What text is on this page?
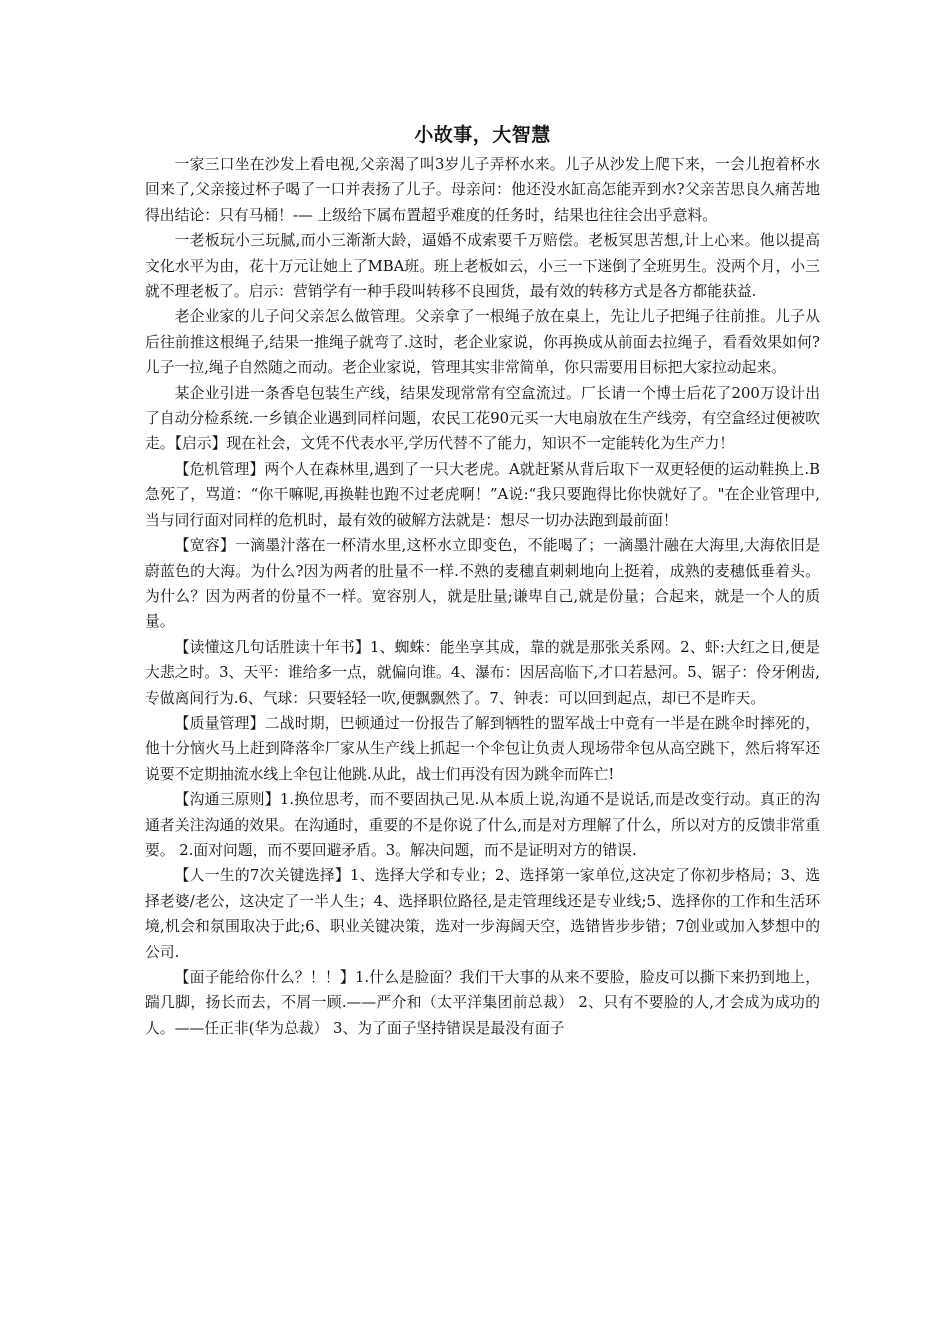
小故事，大智慧

一家三口坐在沙发上看电视,父亲渴了叫3岁儿子弄杯水来。儿子从沙发上爬下来，一会儿抱着杯水回来了,父亲接过杯子喝了一口并表扬了儿子。母亲问：他还没水缸高怎能弄到水?父亲苦思良久痛苦地得出结论：只有马桶！-— 上级给下属布置超乎难度的任务时，结果也往往会出乎意料。

一老板玩小三玩腻,而小三渐渐大龄，逼婚不成索要千万赔偿。老板冥思苦想,计上心来。他以提高文化水平为由，花十万元让她上了MBA班。班上老板如云，小三一下迷倒了全班男生。没两个月，小三就不理老板了。启示：营销学有一种手段叫转移不良囤货，最有效的转移方式是各方都能获益.

老企业家的儿子问父亲怎么做管理。父亲拿了一根绳子放在桌上，先让儿子把绳子往前推。儿子从后往前推这根绳子,结果一推绳子就弯了.这时，老企业家说，你再换成从前面去拉绳子，看看效果如何?儿子一拉,绳子自然随之而动。老企业家说，管理其实非常简单，你只需要用目标把大家拉动起来。

某企业引进一条香皂包装生产线，结果发现常常有空盒流过。厂长请一个博士后花了200万设计出了自动分检系统.一乡镇企业遇到同样问题，农民工花90元买一大电扇放在生产线旁，有空盒经过便被吹走。【启示】现在社会，文凭不代表水平,学历代替不了能力，知识不一定能转化为生产力！

【危机管理】两个人在森林里,遇到了一只大老虎。A就赶紧从背后取下一双更轻便的运动鞋换上.B急死了，骂道：“你干嘛呢,再换鞋也跑不过老虎啊！”A说:“我只要跑得比你快就好了。"在企业管理中,当与同行面对同样的危机时，最有效的破解方法就是：想尽一切办法跑到最前面！

【宽容】一滴墨汁落在一杯清水里,这杯水立即变色，不能喝了；一滴墨汁融在大海里,大海依旧是蔚蓝色的大海。为什么?因为两者的肚量不一样.不熟的麦穗直刺刺地向上挺着，成熟的麦穗低垂着头。为什么？因为两者的份量不一样。宽容别人，就是肚量;谦卑自己,就是份量；合起来，就是一个人的质量。

【读懂这几句话胜读十年书】1、蜘蛛：能坐享其成，靠的就是那张关系网。2、虾:大红之日,便是大悲之时。3、天平：谁给多一点，就偏向谁。4、瀑布：因居高临下,才口若悬河。5、锯子：伶牙俐齿,专做离间行为.6、气球：只要轻轻一吹,便飘飘然了。7、钟表：可以回到起点，却已不是昨天。

【质量管理】二战时期，巴顿通过一份报告了解到牺牲的盟军战士中竟有一半是在跳伞时摔死的，他十分恼火马上赶到降落伞厂家从生产线上抓起一个伞包让负责人现场带伞包从高空跳下，然后将军还说要不定期抽流水线上伞包让他跳.从此，战士们再没有因为跳伞而阵亡!

【沟通三原则】1.换位思考，而不要固执己见.从本质上说,沟通不是说话,而是改变行动。真正的沟通者关注沟通的效果。在沟通时，重要的不是你说了什么,而是对方理解了什么，所以对方的反馈非常重要。 2.面对问题，而不要回避矛盾。3。解决问题，而不是证明对方的错误.

【人一生的7次关键选择】1、选择大学和专业；2、选择第一家单位,这决定了你初步格局；3、选择老婆/老公，这决定了一半人生；4、选择职位路径,是走管理线还是专业线;5、选择你的工作和生活环境,机会和氛围取决于此;6、职业关键决策，选对一步海阔天空，选错皆步步错；7创业或加入梦想中的公司.

【面子能给你什么？！！】1.什么是脸面？我们干大事的从来不要脸，脸皮可以撕下来扔到地上，踹几脚，扬长而去，不屑一顾.——严介和（太平洋集团前总裁） 2、只有不要脸的人,才会成为成功的人。——任正非(华为总裁） 3、为了面子坚持错误是最没有面子
